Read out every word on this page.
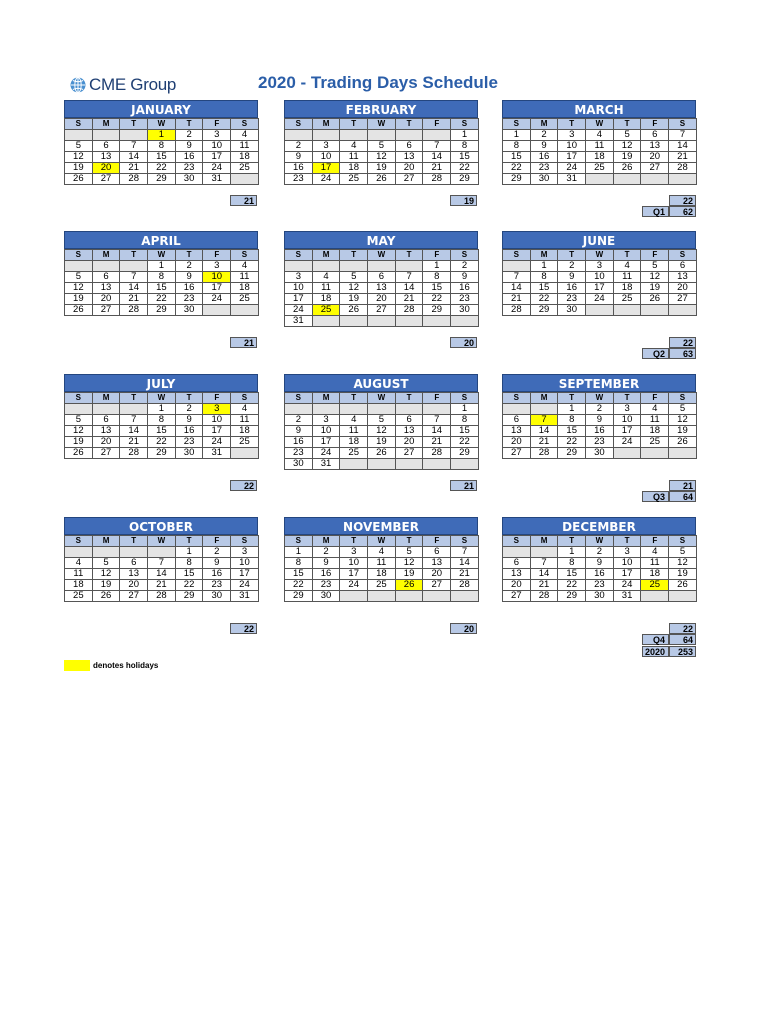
CME Group	2020 - Trading Days Schedule
JANUARY
S	M	T	W	T	F	S
			1	2	3	4
5	6	7	8	9	10	11
12	13	14	15	16	17	18
19	20	21	22	23	24	25
26	27	28	29	30	31	
21
FEBRUARY
S	M	T	W	T	F	S
						1
2	3	4	5	6	7	8
9	10	11	12	13	14	15
16	17	18	19	20	21	22
23	24	25	26	27	28	29
19
MARCH
S	M	T	W	T	F	S
1	2	3	4	5	6	7
8	9	10	11	12	13	14
15	16	17	18	19	20	21
22	23	24	25	26	27	28
29	30	31				
22
APRIL
S	M	T	W	T	F	S
			1	2	3	4
5	6	7	8	9	10	11
12	13	14	15	16	17	18
19	20	21	22	23	24	25
26	27	28	29	30		
21
MAY
S	M	T	W	T	F	S
					1	2
3	4	5	6	7	8	9
10	11	12	13	14	15	16
17	18	19	20	21	22	23
24	25	26	27	28	29	30
31						
20
JUNE
S	M	T	W	T	F	S
	1	2	3	4	5	6
7	8	9	10	11	12	13
14	15	16	17	18	19	20
21	22	23	24	25	26	27
28	29	30				
22
JULY
S	M	T	W	T	F	S
			1	2	3	4
5	6	7	8	9	10	11
12	13	14	15	16	17	18
19	20	21	22	23	24	25
26	27	28	29	30	31	
22
AUGUST
S	M	T	W	T	F	S
						1
2	3	4	5	6	7	8
9	10	11	12	13	14	15
16	17	18	19	20	21	22
23	24	25	26	27	28	29
30	31					
21
SEPTEMBER
S	M	T	W	T	F	S
		1	2	3	4	5
6	7	8	9	10	11	12
13	14	15	16	17	18	19
20	21	22	23	24	25	26
27	28	29	30			
21
OCTOBER
S	M	T	W	T	F	S
				1	2	3
4	5	6	7	8	9	10
11	12	13	14	15	16	17
18	19	20	21	22	23	24
25	26	27	28	29	30	31
22
NOVEMBER
S	M	T	W	T	F	S
1	2	3	4	5	6	7
8	9	10	11	12	13	14
15	16	17	18	19	20	21
22	23	24	25	26	27	28
29	30					
20
DECEMBER
S	M	T	W	T	F	S
		1	2	3	4	5
6	7	8	9	10	11	12
13	14	15	16	17	18	19
20	21	22	23	24	25	26
27	28	29	30	31		
22
Q1	62
Q2	63
Q3	64
Q4	64
2020	253
denotes holidays
